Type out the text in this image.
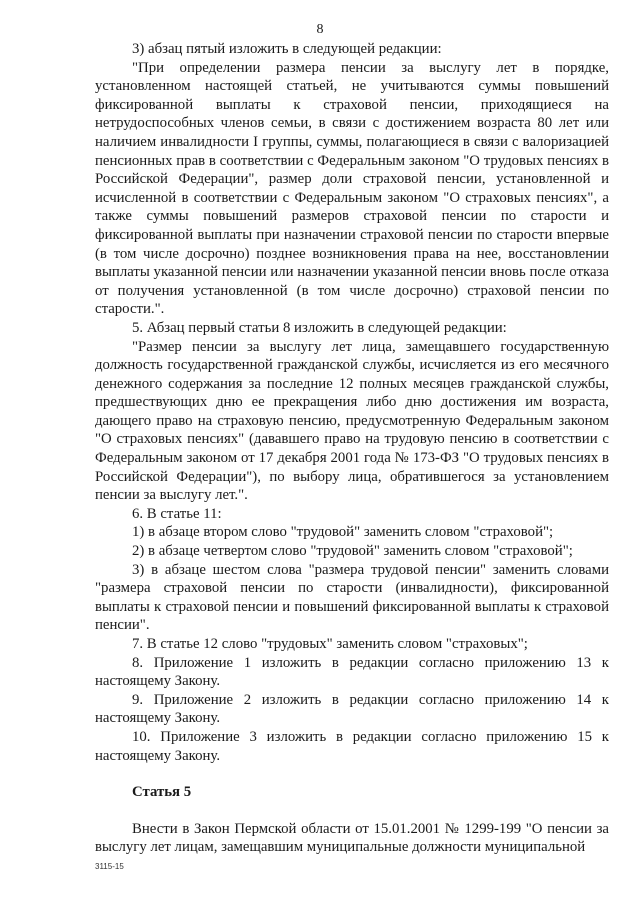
8

3) абзац пятый изложить в следующей редакции:

"При определении размера пенсии за выслугу лет в порядке, установленном настоящей статьей, не учитываются суммы повышений фиксированной выплаты к страховой пенсии, приходящиеся на нетрудоспособных членов семьи, в связи с достижением возраста 80 лет или наличием инвалидности I группы, суммы, полагающиеся в связи с валоризацией пенсионных прав в соответствии с Федеральным законом "О трудовых пенсиях в Российской Федерации", размер доли страховой пенсии, установленной и исчисленной в соответствии с Федеральным законом "О страховых пенсиях", а также суммы повышений размеров страховой пенсии по старости и фиксированной выплаты при назначении страховой пенсии по старости впервые (в том числе досрочно) позднее возникновения права на нее, восстановлении выплаты указанной пенсии или назначении указанной пенсии вновь после отказа от получения установленной (в том числе досрочно) страховой пенсии по старости.".

5. Абзац первый статьи 8 изложить в следующей редакции:

"Размер пенсии за выслугу лет лица, замещавшего государственную должность государственной гражданской службы, исчисляется из его месячного денежного содержания за последние 12 полных месяцев гражданской службы, предшествующих дню ее прекращения либо дню достижения им возраста, дающего право на страховую пенсию, предусмотренную Федеральным законом "О страховых пенсиях" (дававшего право на трудовую пенсию в соответствии с Федеральным законом от 17 декабря 2001 года № 173-ФЗ "О трудовых пенсиях в Российской Федерации"), по выбору лица, обратившегося за установлением пенсии за выслугу лет.".

6. В статье 11:

1) в абзаце втором слово "трудовой" заменить словом "страховой";

2) в абзаце четвертом слово "трудовой" заменить словом "страховой";

3) в абзаце шестом слова "размера трудовой пенсии" заменить словами "размера страховой пенсии по старости (инвалидности), фиксированной выплаты к страховой пенсии и повышений фиксированной выплаты к страховой пенсии".

7. В статье 12 слово "трудовых" заменить словом "страховых";

8. Приложение 1 изложить в редакции согласно приложению 13 к настоящему Закону.

9. Приложение 2 изложить в редакции согласно приложению 14 к настоящему Закону.

10. Приложение 3 изложить в редакции согласно приложению 15 к настоящему Закону.

Статья 5

Внести в Закон Пермской области от 15.01.2001 № 1299-199 "О пенсии за выслугу лет лицам, замещавшим муниципальные должности муниципальной

3115-15
